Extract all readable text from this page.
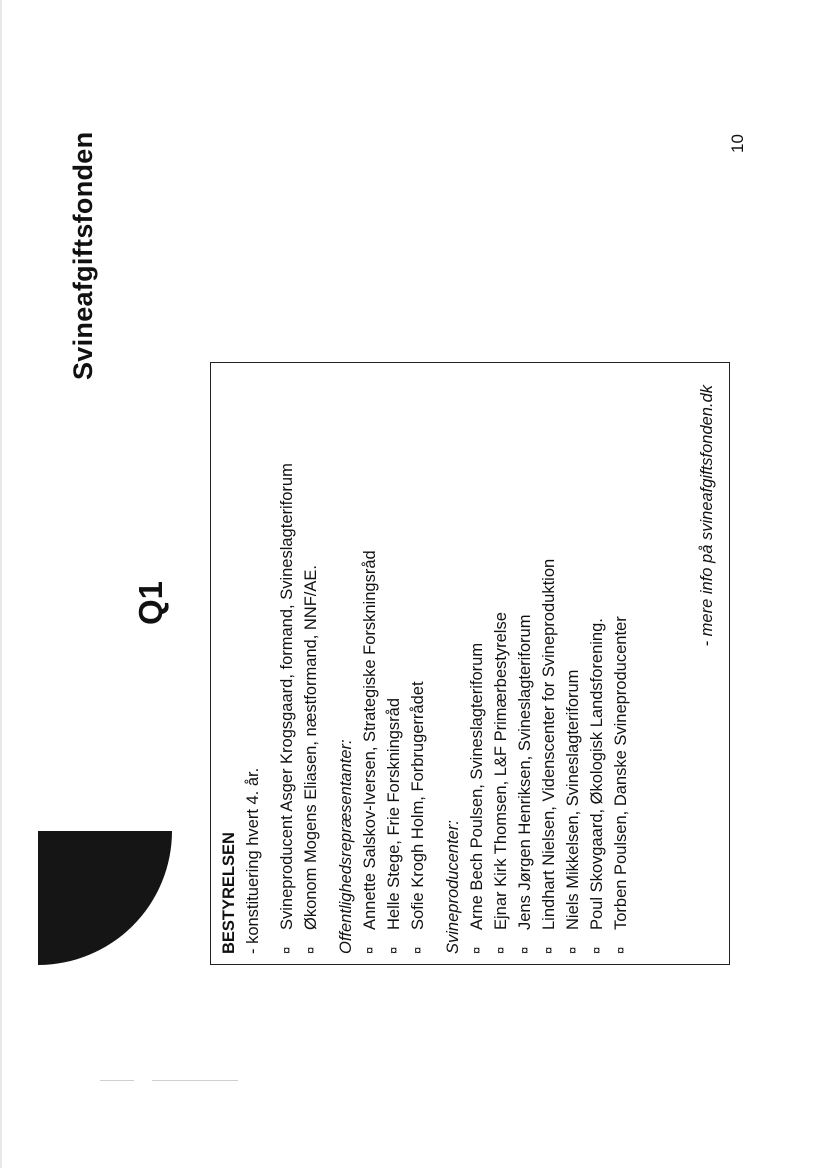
Svineafgiftsfonden
Q1
10
BESTYRELSEN - konstituering hvert 4. år.	¤Svineproducent Asger Krogsgaard, formand, Svineslagteriforum
¤Økonom Mogens Eliasen, næstformand, NNF/AE. Offentlighedsrepræsentanter: ¤Annette Salskov-Iversen, Strategiske Forskningsråd
¤Helle Stege, Frie Forskningsråd
¤Sofie Krogh Holm, Forbrugerrådet Svineproducenter: ¤Arne Bech Poulsen, Svineslagteriforum
¤Ejnar Kirk Thomsen, L&F Primærbestyrelse
¤Jens Jørgen Henriksen, Svineslagteriforum
¤Lindhart Nielsen, Videnscenter for Svineproduktion
¤Niels Mikkelsen, Svineslagteriforum
¤Poul Skovgaard, Økologisk Landsforening.
¤Torben Poulsen, Danske Svineproducenter
- mere info på svineafgiftsfonden.dk
